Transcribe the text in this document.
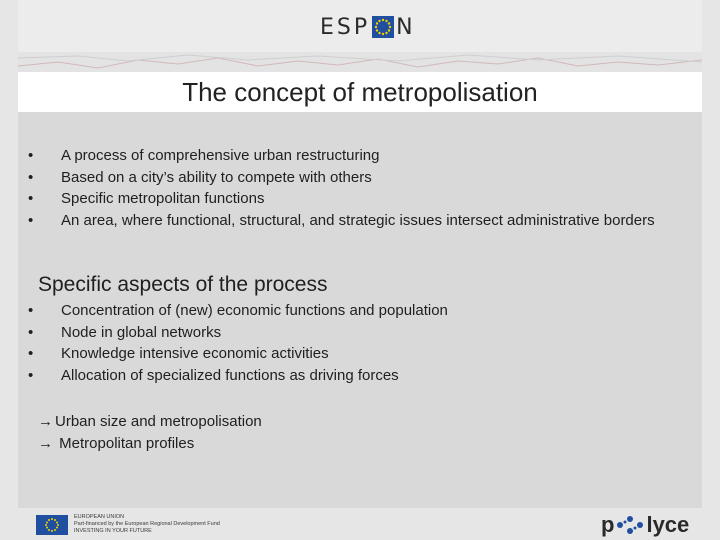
ESP N
The concept of metropolisation
• A process of comprehensive urban restructuring
• Based on a city’s ability to compete with others
• Specific metropolitan functions
• An area, where functional, structural, and strategic issues intersect administrative borders
Specific aspects of the process
• Concentration of (new) economic functions and population
• Node in global networks
• Knowledge intensive economic activities
• Allocation of specialized functions as driving forces
→ Urban size and metropolisation
→ Metropolitan profiles
EUROPEAN UNION
Part-financed by the European Regional Development Fund
INVESTING IN YOUR FUTURE	p lyce
